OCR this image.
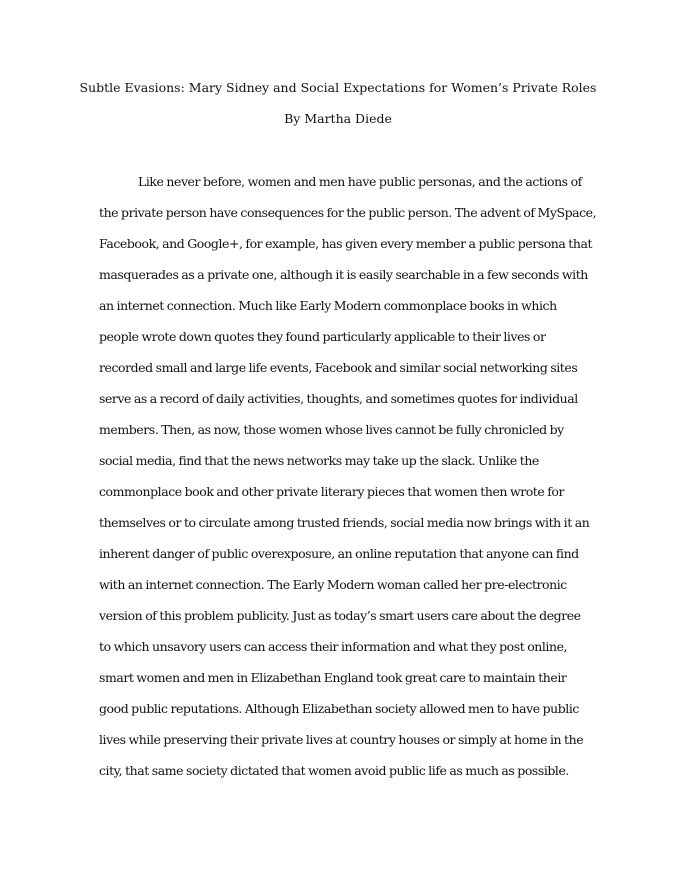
Subtle Evasions: Mary Sidney and Social Expectations for Women’s Private Roles
By Martha Diede
Like never before, women and men have public personas, and the actions of
the private person have consequences for the public person. The advent of MySpace,
Facebook, and Google+, for example, has given every member a public persona that
masquerades as a private one, although it is easily searchable in a few seconds with
an internet connection. Much like Early Modern commonplace books in which
people wrote down quotes they found particularly applicable to their lives or
recorded small and large life events, Facebook and similar social networking sites
serve as a record of daily activities, thoughts, and sometimes quotes for individual
members. Then, as now, those women whose lives cannot be fully chronicled by
social media, find that the news networks may take up the slack. Unlike the
commonplace book and other private literary pieces that women then wrote for
themselves or to circulate among trusted friends, social media now brings with it an
inherent danger of public overexposure, an online reputation that anyone can find
with an internet connection. The Early Modern woman called her pre-electronic
version of this problem publicity. Just as today’s smart users care about the degree
to which unsavory users can access their information and what they post online,
smart women and men in Elizabethan England took great care to maintain their
good public reputations. Although Elizabethan society allowed men to have public
lives while preserving their private lives at country houses or simply at home in the
city, that same society dictated that women avoid public life as much as possible.
